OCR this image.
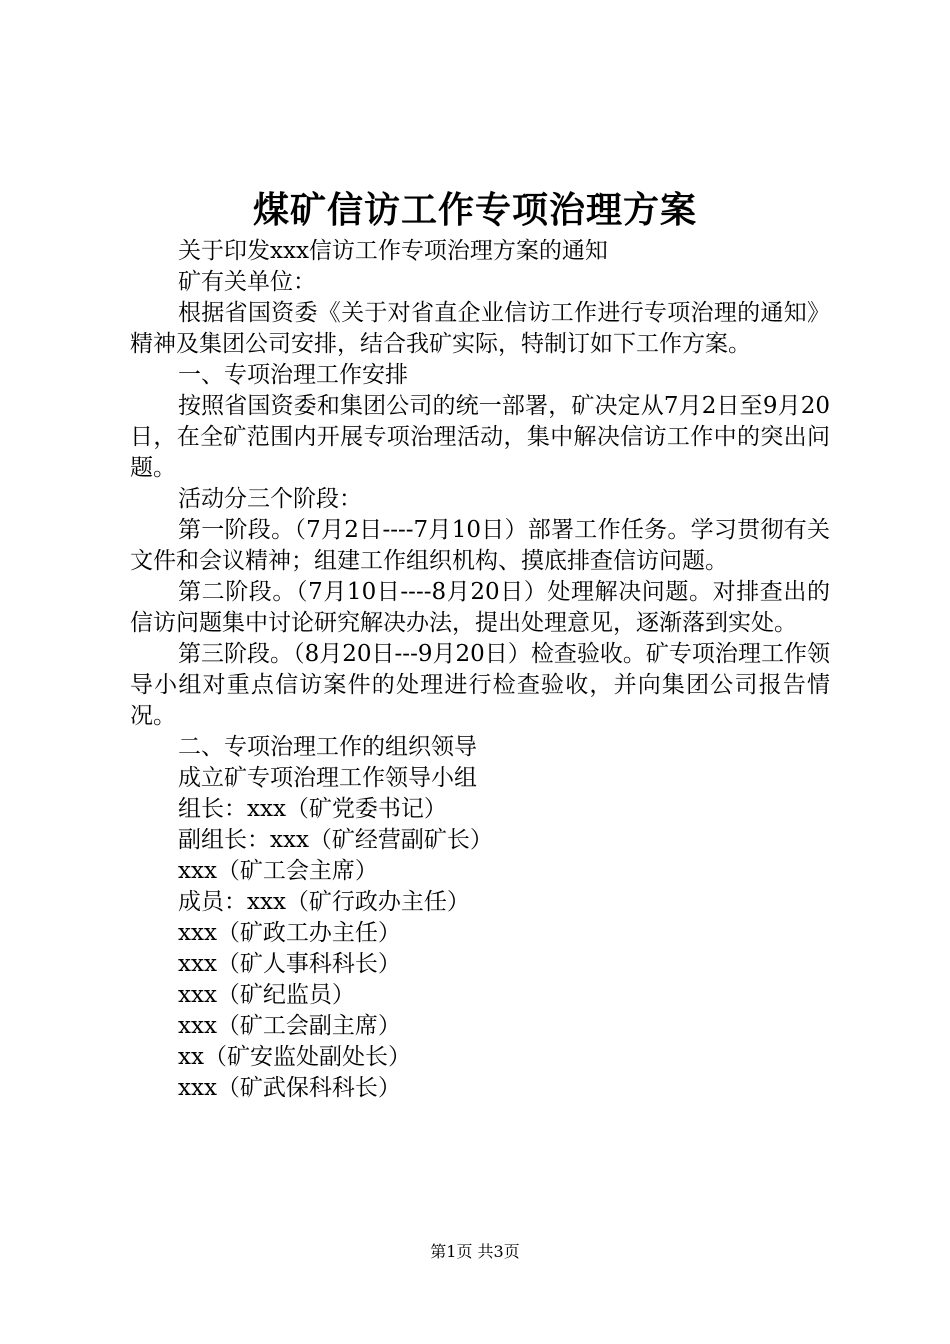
煤矿信访工作专项治理方案

关于印发xxx信访工作专项治理方案的通知

矿有关单位：

根据省国资委《关于对省直企业信访工作进行专项治理的通知》精神及集团公司安排，结合我矿实际，特制订如下工作方案。

一、专项治理工作安排

按照省国资委和集团公司的统一部署，矿决定从7月2日至9月20日，在全矿范围内开展专项治理活动，集中解决信访工作中的突出问题。

活动分三个阶段：

第一阶段。（7月2日----7月10日）部署工作任务。学习贯彻有关文件和会议精神；组建工作组织机构、摸底排查信访问题。

第二阶段。（7月10日----8月20日）处理解决问题。对排查出的信访问题集中讨论研究解决办法，提出处理意见，逐渐落到实处。

第三阶段。（8月20日---9月20日）检查验收。矿专项治理工作领导小组对重点信访案件的处理进行检查验收，并向集团公司报告情况。

二、专项治理工作的组织领导

成立矿专项治理工作领导小组

组长：xxx（矿党委书记）

副组长：xxx（矿经营副矿长）

xxx（矿工会主席）

成员：xxx（矿行政办主任）

xxx（矿政工办主任）

xxx（矿人事科科长）

xxx（矿纪监员）

xxx（矿工会副主席）

xx（矿安监处副处长）

xxx（矿武保科科长）

第1页 共3页
